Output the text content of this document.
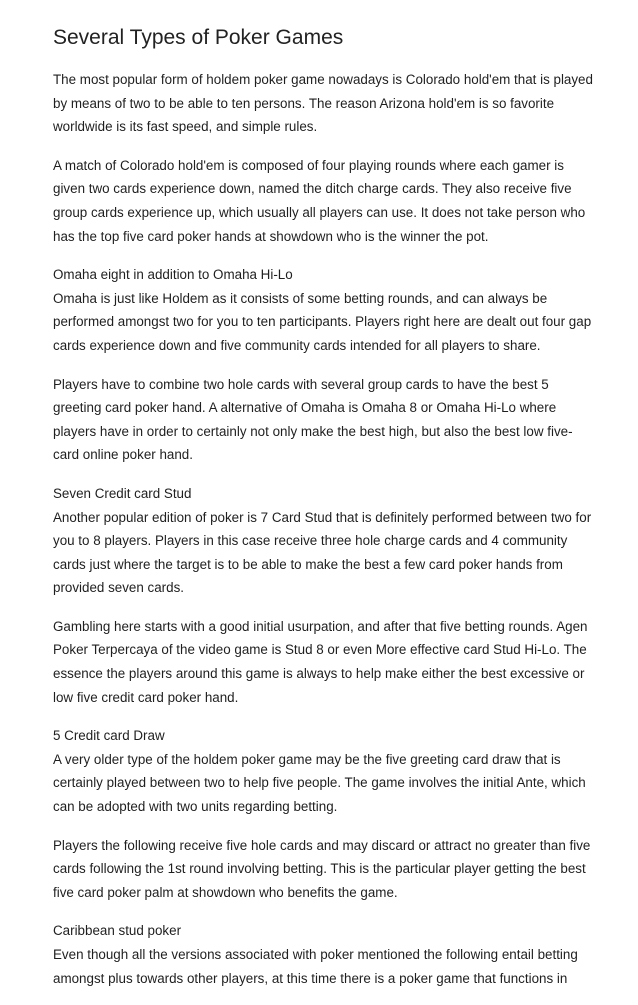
Several Types of Poker Games

The most popular form of holdem poker game nowadays is Colorado hold'em that is played by means of two to be able to ten persons. The reason Arizona hold'em is so favorite worldwide is its fast speed, and simple rules.

A match of Colorado hold'em is composed of four playing rounds where each gamer is given two cards experience down, named the ditch charge cards. They also receive five group cards experience up, which usually all players can use. It does not take person who has the top five card poker hands at showdown who is the winner the pot.

Omaha eight in addition to Omaha Hi-Lo
Omaha is just like Holdem as it consists of some betting rounds, and can always be performed amongst two for you to ten participants. Players right here are dealt out four gap cards experience down and five community cards intended for all players to share.

Players have to combine two hole cards with several group cards to have the best 5 greeting card poker hand. A alternative of Omaha is Omaha 8 or Omaha Hi-Lo where players have in order to certainly not only make the best high, but also the best low five-card online poker hand.

Seven Credit card Stud
Another popular edition of poker is 7 Card Stud that is definitely performed between two for you to 8 players. Players in this case receive three hole charge cards and 4 community cards just where the target is to be able to make the best a few card poker hands from provided seven cards.

Gambling here starts with a good initial usurpation, and after that five betting rounds. Agen Poker Terpercaya of the video game is Stud 8 or even More effective card Stud Hi-Lo. The essence the players around this game is always to help make either the best excessive or low five credit card poker hand.

5 Credit card Draw
A very older type of the holdem poker game may be the five greeting card draw that is certainly played between two to help five people. The game involves the initial Ante, which can be adopted with two units regarding betting.

Players the following receive five hole cards and may discard or attract no greater than five cards following the 1st round involving betting. This is the particular player getting the best five card poker palm at showdown who benefits the game.

Caribbean stud poker
Even though all the versions associated with poker mentioned the following entail betting amongst plus towards other players, at this time there is a poker game that functions in
